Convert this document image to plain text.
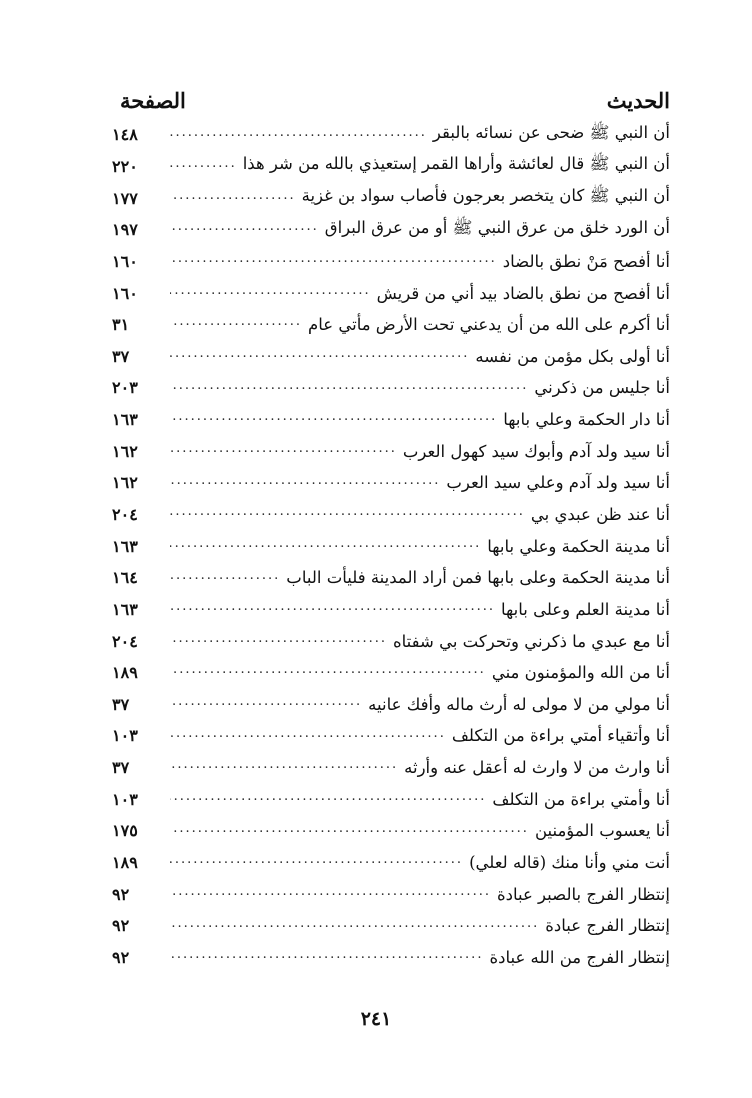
الحديث
الصفحة
أن النبي ﷺ ضحى عن نسائه بالبقر
.....
١٤٨
أن النبي ﷺ قال لعائشة وأراها القمر إستعيذي بالله من شر هذا
.....
٢٢٠
أن النبي ﷺ كان يتخصر بعرجون فأصاب سواد بن غزية
.....
١٧٧
أن الورد خلق من عرق النبي ﷺ أو من عرق البراق
.....
١٩٧
أنا أفصح مَنْ نطق بالضاد
.....
١٦٠
أنا أفصح من نطق بالضاد بيد أني من قريش
.....
١٦٠
أنا أكرم على الله من أن يدعني تحت الأرض مأتي عام
.....
٣١
أنا أولى بكل مؤمن من نفسه
.....
٣٧
أنا جليس من ذكرني
.....
٢٠٣
أنا دار الحكمة وعلي بابها
.....
١٦٣
أنا سيد ولد آدم وأبوك سيد كهول العرب
.....
١٦٢
أنا سيد ولد آدم وعلي سيد العرب
.....
١٦٢
أنا عند ظن عبدي بي
.....
٢٠٤
أنا مدينة الحكمة وعلي بابها
.....
١٦٣
أنا مدينة الحكمة وعلى بابها فمن أراد المدينة فليأت الباب
.....
١٦٤
أنا مدينة العلم وعلى بابها
.....
١٦٣
أنا مع عبدي ما ذكرني وتحركت بي شفتاه
.....
٢٠٤
أنا من الله والمؤمنون مني
.....
١٨٩
أنا مولي من لا مولى له أرث ماله وأفك عانيه
.....
٣٧
أنا وأتقياء أمتي براءة من التكلف
.....
١٠٣
أنا وارث من لا وارث له أعقل عنه وأرثه
.....
٣٧
أنا وأمتي براءة من التكلف
.....
١٠٣
أنا يعسوب المؤمنين
.....
١٧٥
أنت مني وأنا منك (قاله لعلي)
.....
١٨٩
إنتظار الفرج بالصبر عبادة
.....
٩٢
إنتظار الفرج عبادة
.....
٩٢
إنتظار الفرج من الله عبادة
.....
٩٢
٢٤١
